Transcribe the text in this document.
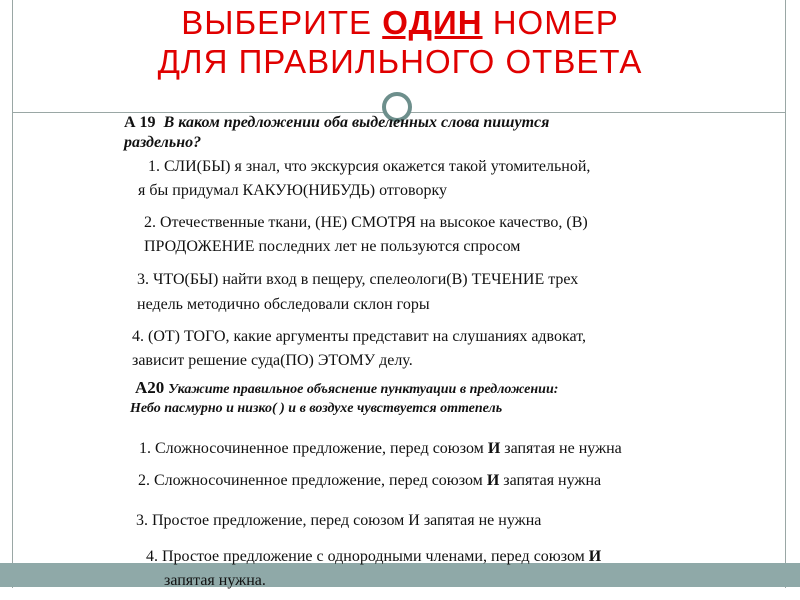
ВЫБЕРИТЕ ОДИН НОМЕР
ДЛЯ ПРАВИЛЬНОГО ОТВЕТА
А 19 В каком предложении оба выделенных слова пишутся
раздельно?
1. СЛИ(БЫ) я знал, что экскурсия окажется такой утомительной,
я бы придумал КАКУЮ(НИБУДЬ) отговорку
2. Отечественные ткани, (НЕ) СМОТРЯ на высокое качество, (В)
ПРОДОЖЕНИЕ последних лет не пользуются спросом
3. ЧТО(БЫ) найти вход в пещеру, спелеологи(В) ТЕЧЕНИЕ трех
недель методично обследовали склон горы
4. (ОТ) ТОГО, какие аргументы представит на слушаниях адвокат,
зависит решение суда(ПО) ЭТОМУ делу.
А20 Укажите правильное объяснение пунктуации в предложении:
Небо пасмурно и низко( ) и в воздухе чувствуется оттепель
1. Сложносочиненное предложение, перед союзом И запятая не нужна
2. Сложносочиненное предложение, перед союзом И запятая нужна
3. Простое предложение, перед союзом И запятая не нужна
4. Простое предложение с однородными членами, перед союзом И
запятая нужна.
